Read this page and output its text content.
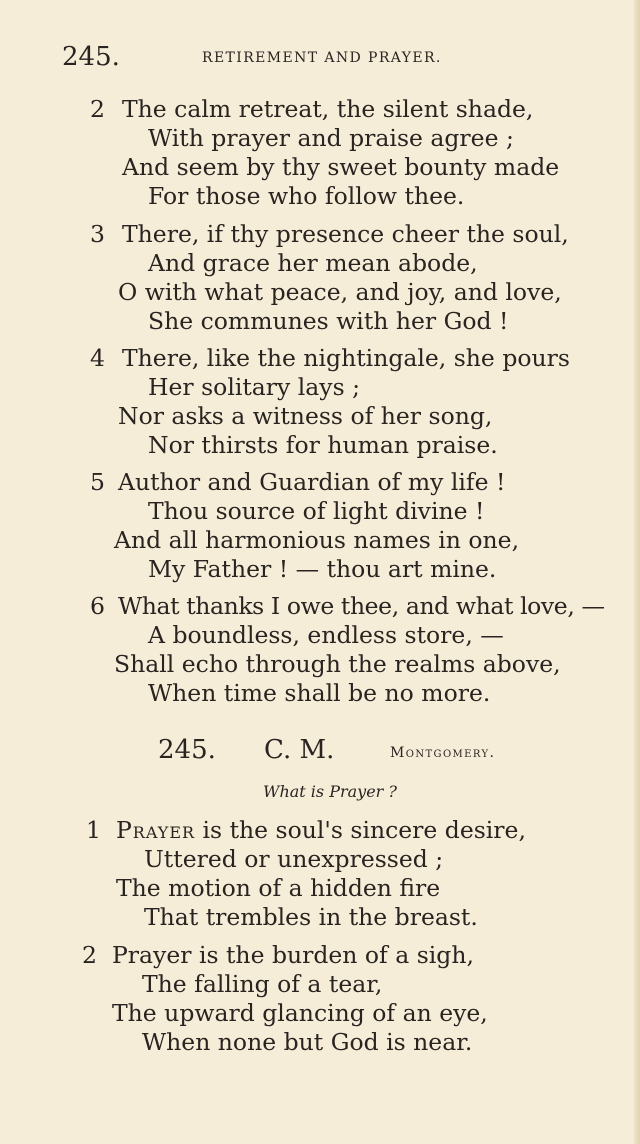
245.	RETIREMENT AND PRAYER.
2 The calm retreat, the silent shade,
With prayer and praise agree ;
And seem by thy sweet bounty made
For those who follow thee.
3 There, if thy presence cheer the soul,
And grace her mean abode,
O with what peace, and joy, and love,
She communes with her God !
4 There, like the nightingale, she pours
Her solitary lays ;
Nor asks a witness of her song,
Nor thirsts for human praise.
5 Author and Guardian of my life !
Thou source of light divine !
And all harmonious names in one,
My Father ! — thou art mine.
6 What thanks I owe thee, and what love, —
A boundless, endless store, —
Shall echo through the realms above,
When time shall be no more.
245. C. M.	Montgomery.
What is Prayer ?
1 Prayer is the soul's sincere desire,
Uttered or unexpressed ;
The motion of a hidden fire
That trembles in the breast.
2 Prayer is the burden of a sigh,
The falling of a tear,
The upward glancing of an eye,
When none but God is near.
